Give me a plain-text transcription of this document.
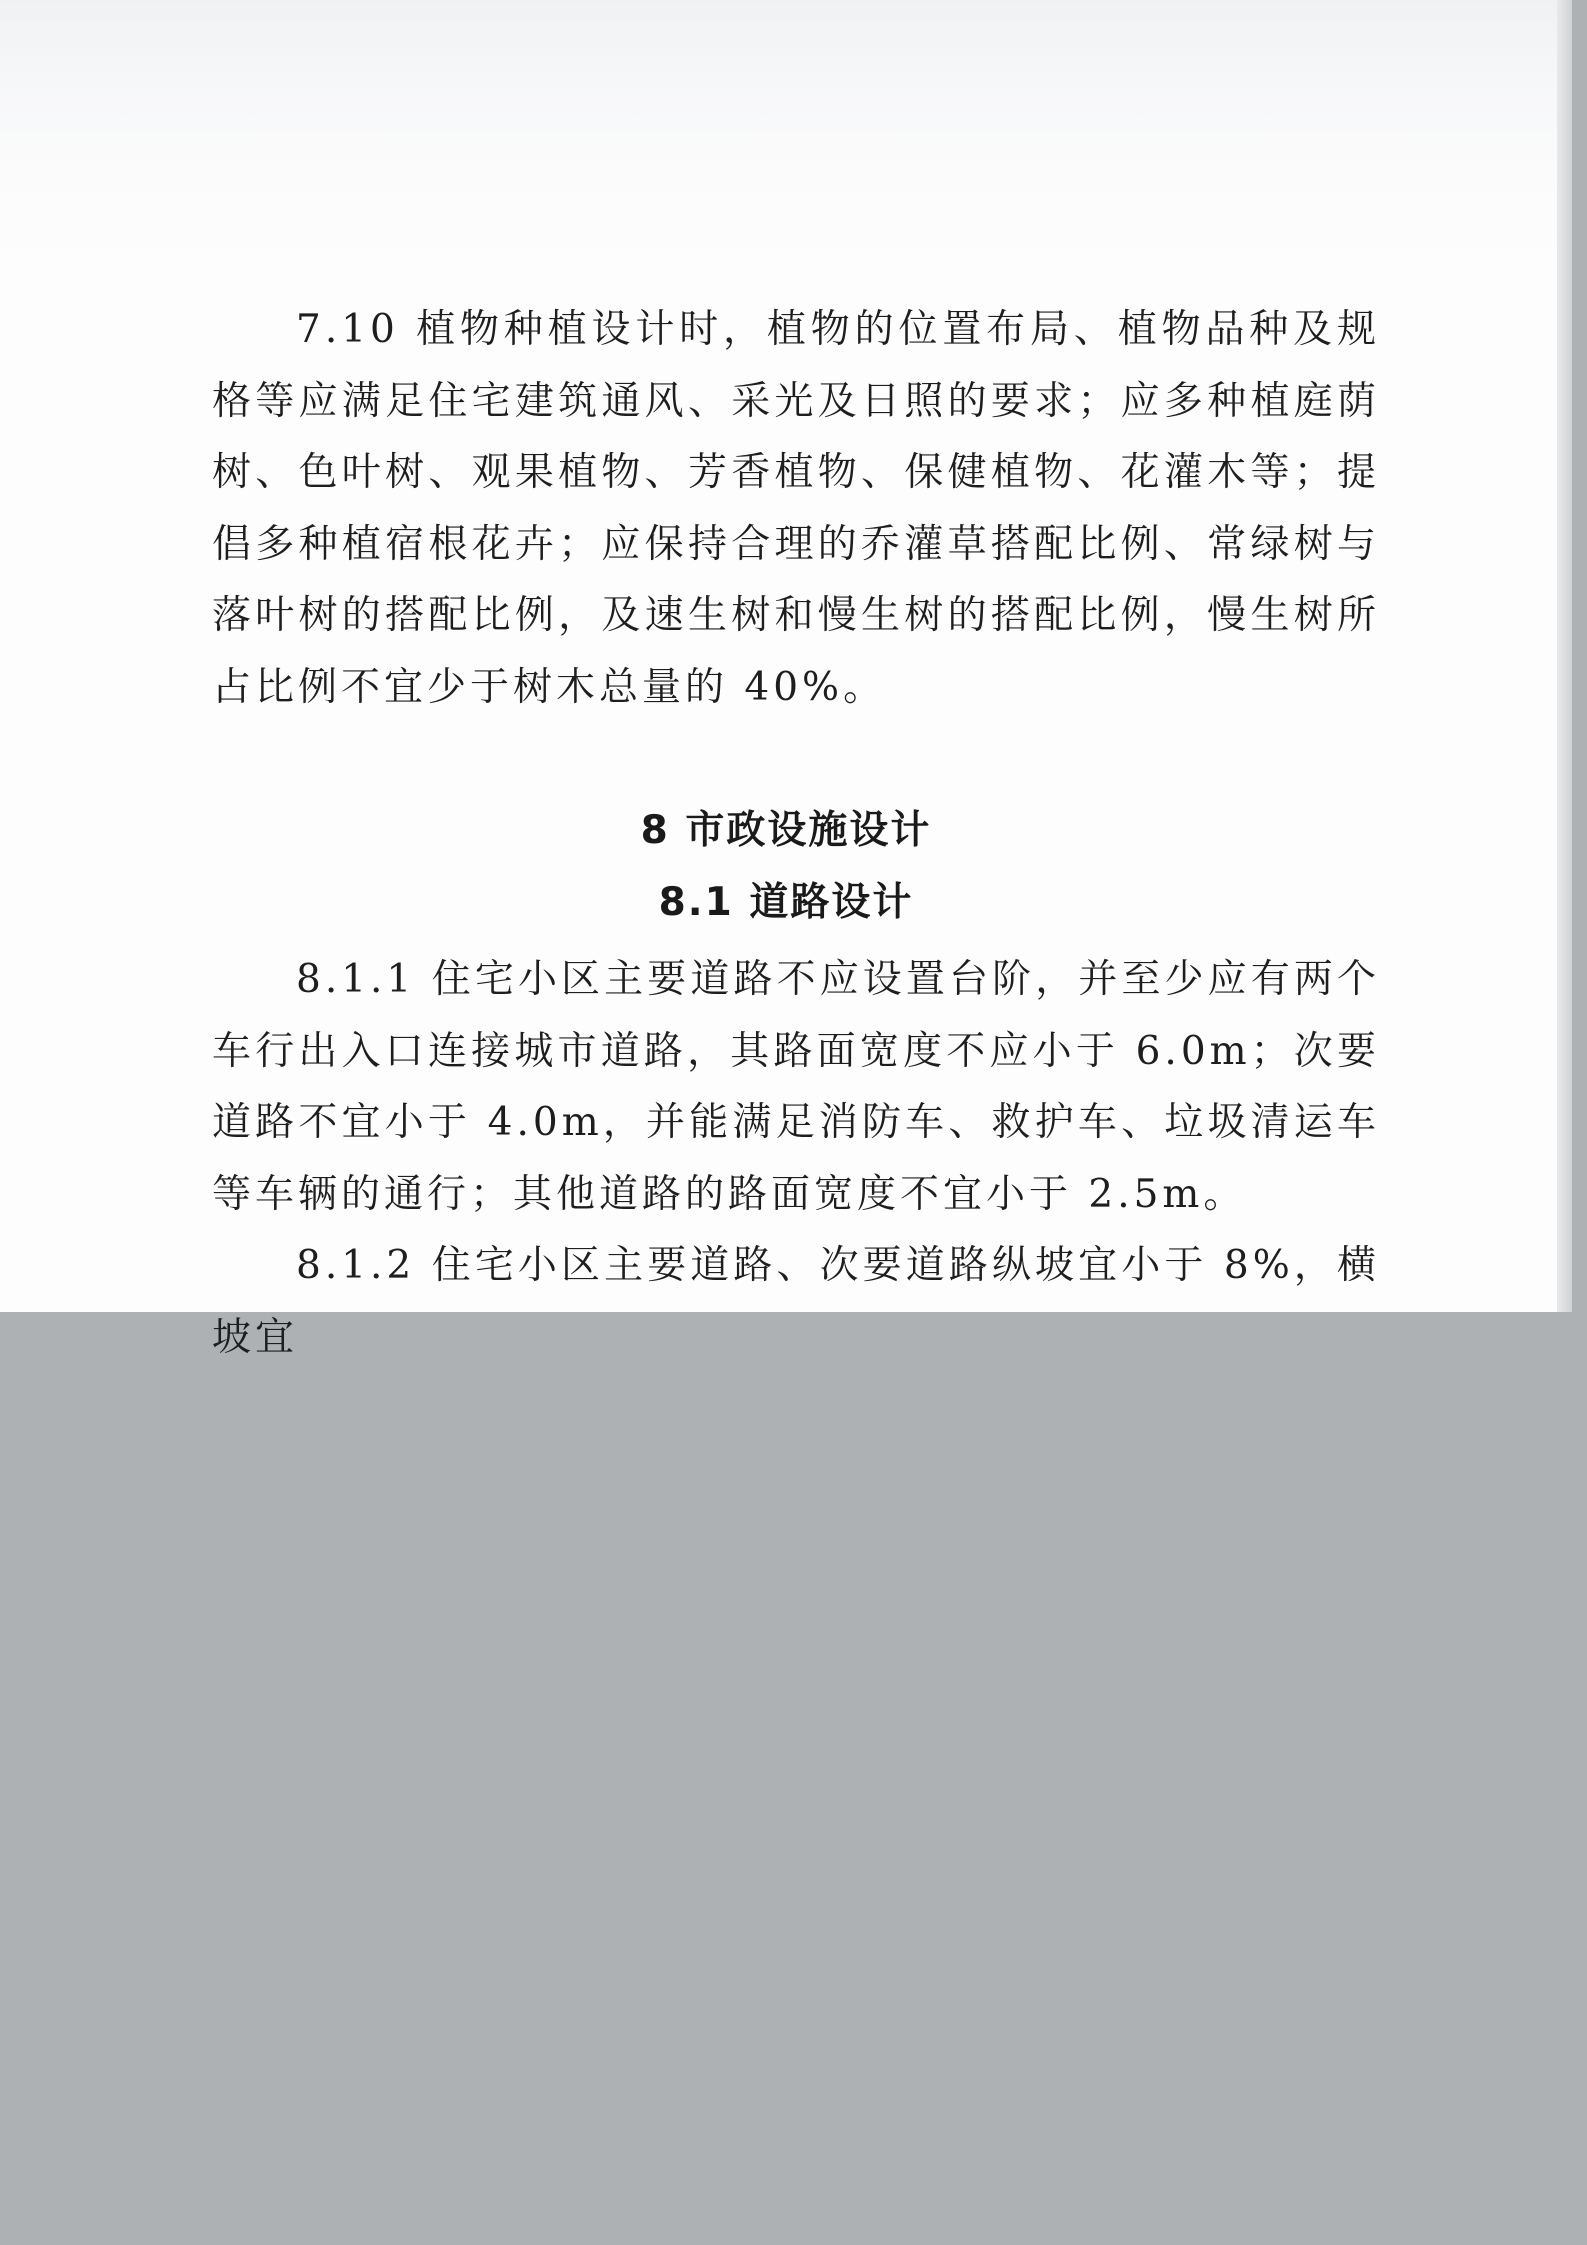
7.10 植物种植设计时，植物的位置布局、植物品种及规格等应满足住宅建筑通风、采光及日照的要求；应多种植庭荫树、色叶树、观果植物、芳香植物、保健植物、花灌木等；提倡多种植宿根花卉；应保持合理的乔灌草搭配比例、常绿树与落叶树的搭配比例，及速生树和慢生树的搭配比例，慢生树所占比例不宜少于树木总量的 40%。

8 市政设施设计
8.1 道路设计

8.1.1 住宅小区主要道路不应设置台阶，并至少应有两个车行出入口连接城市道路，其路面宽度不应小于 6.0m；次要道路不宜小于 4.0m，并能满足消防车、救护车、垃圾清运车等车辆的通行；其他道路的路面宽度不宜小于 2.5m。

8.1.2 住宅小区主要道路、次要道路纵坡宜小于 8%，横坡宜
